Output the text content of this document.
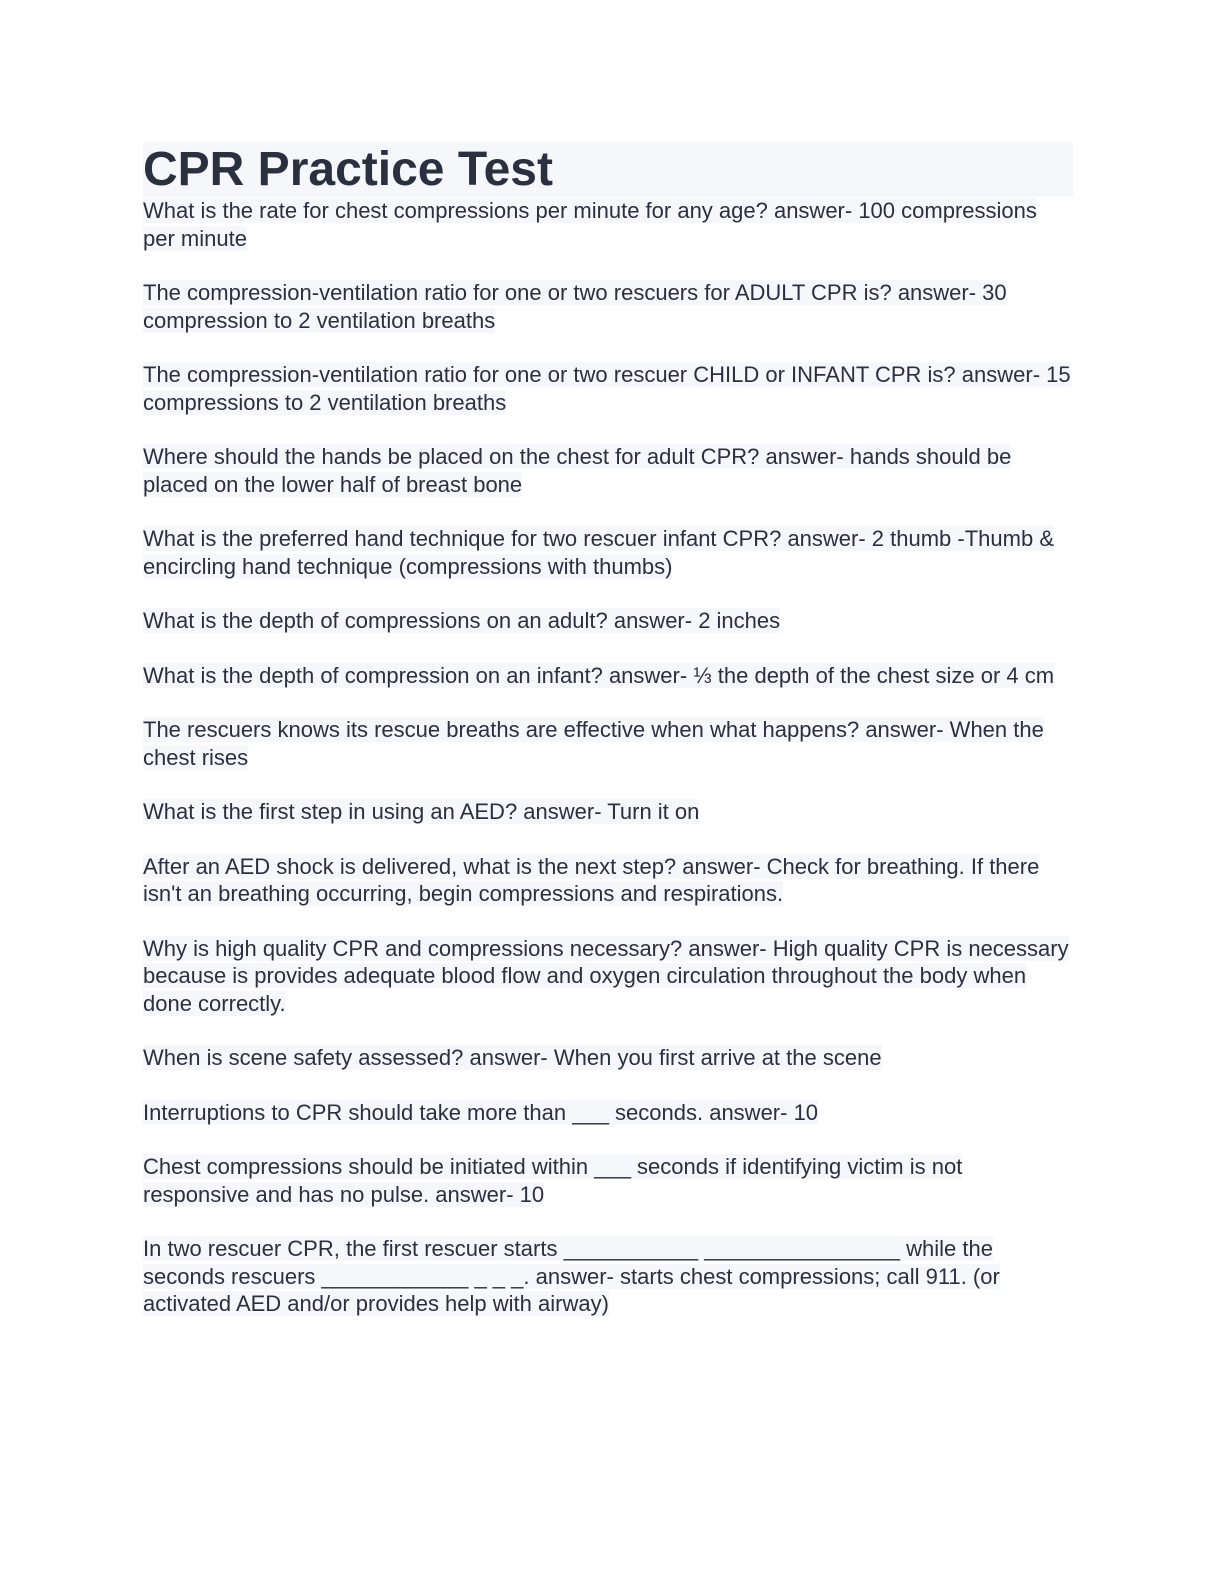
CPR Practice Test

What is the rate for chest compressions per minute for any age? answer- 100 compressions per minute

The compression-ventilation ratio for one or two rescuers for ADULT CPR is? answer- 30 compression to 2 ventilation breaths

The compression-ventilation ratio for one or two rescuer CHILD or INFANT CPR is? answer- 15 compressions to 2 ventilation breaths

Where should the hands be placed on the chest for adult CPR? answer- hands should be placed on the lower half of breast bone

What is the preferred hand technique for two rescuer infant CPR? answer- 2 thumb -Thumb & encircling hand technique (compressions with thumbs)

What is the depth of compressions on an adult? answer- 2 inches

What is the depth of compression on an infant? answer- ⅓ the depth of the chest size or 4 cm

The rescuers knows its rescue breaths are effective when what happens? answer- When the chest rises

What is the first step in using an AED? answer- Turn it on

After an AED shock is delivered, what is the next step? answer- Check for breathing. If there isn't an breathing occurring, begin compressions and respirations.

Why is high quality CPR and compressions necessary? answer- High quality CPR is necessary because is provides adequate blood flow and oxygen circulation throughout the body when done correctly.

When is scene safety assessed? answer- When you first arrive at the scene

Interruptions to CPR should take more than ___ seconds. answer- 10

Chest compressions should be initiated within ___ seconds if identifying victim is not responsive and has no pulse. answer- 10

In two rescuer CPR, the first rescuer starts ___________ ________________ while the seconds rescuers ____________ _ _ _. answer- starts chest compressions; call 911. (or activated AED and/or provides help with airway)
